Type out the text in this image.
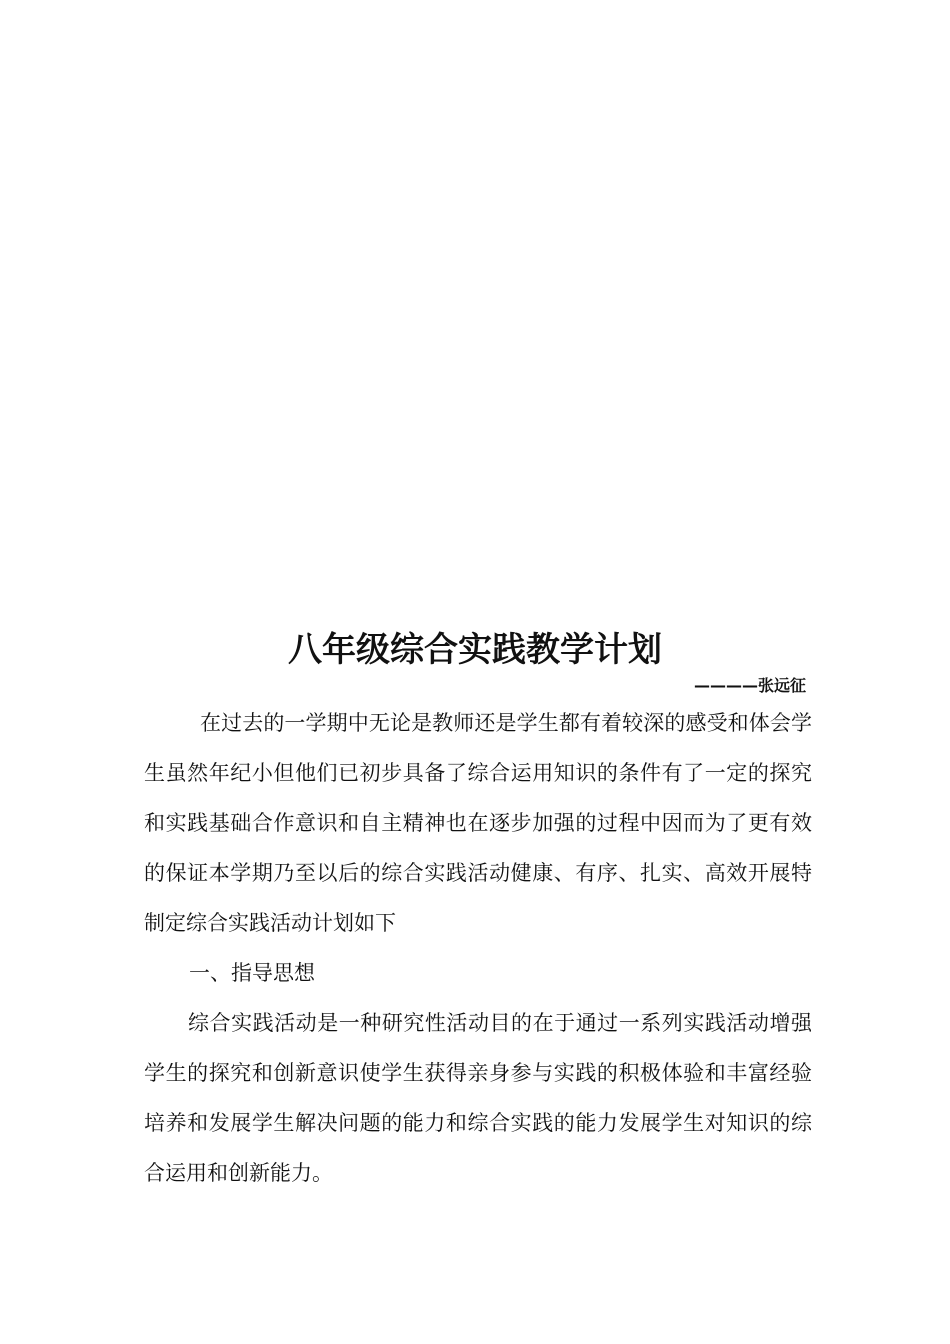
八年级综合实践教学计划
————张远征

在过去的一学期中无论是教师还是学生都有着较深的感受和体会学生虽然年纪小但他们已初步具备了综合运用知识的条件有了一定的探究和实践基础合作意识和自主精神也在逐步加强的过程中因而为了更有效的保证本学期乃至以后的综合实践活动健康、有序、扎实、高效开展特制定综合实践活动计划如下

一、指导思想

综合实践活动是一种研究性活动目的在于通过一系列实践活动增强学生的探究和创新意识使学生获得亲身参与实践的积极体验和丰富经验培养和发展学生解决问题的能力和综合实践的能力发展学生对知识的综合运用和创新能力。
